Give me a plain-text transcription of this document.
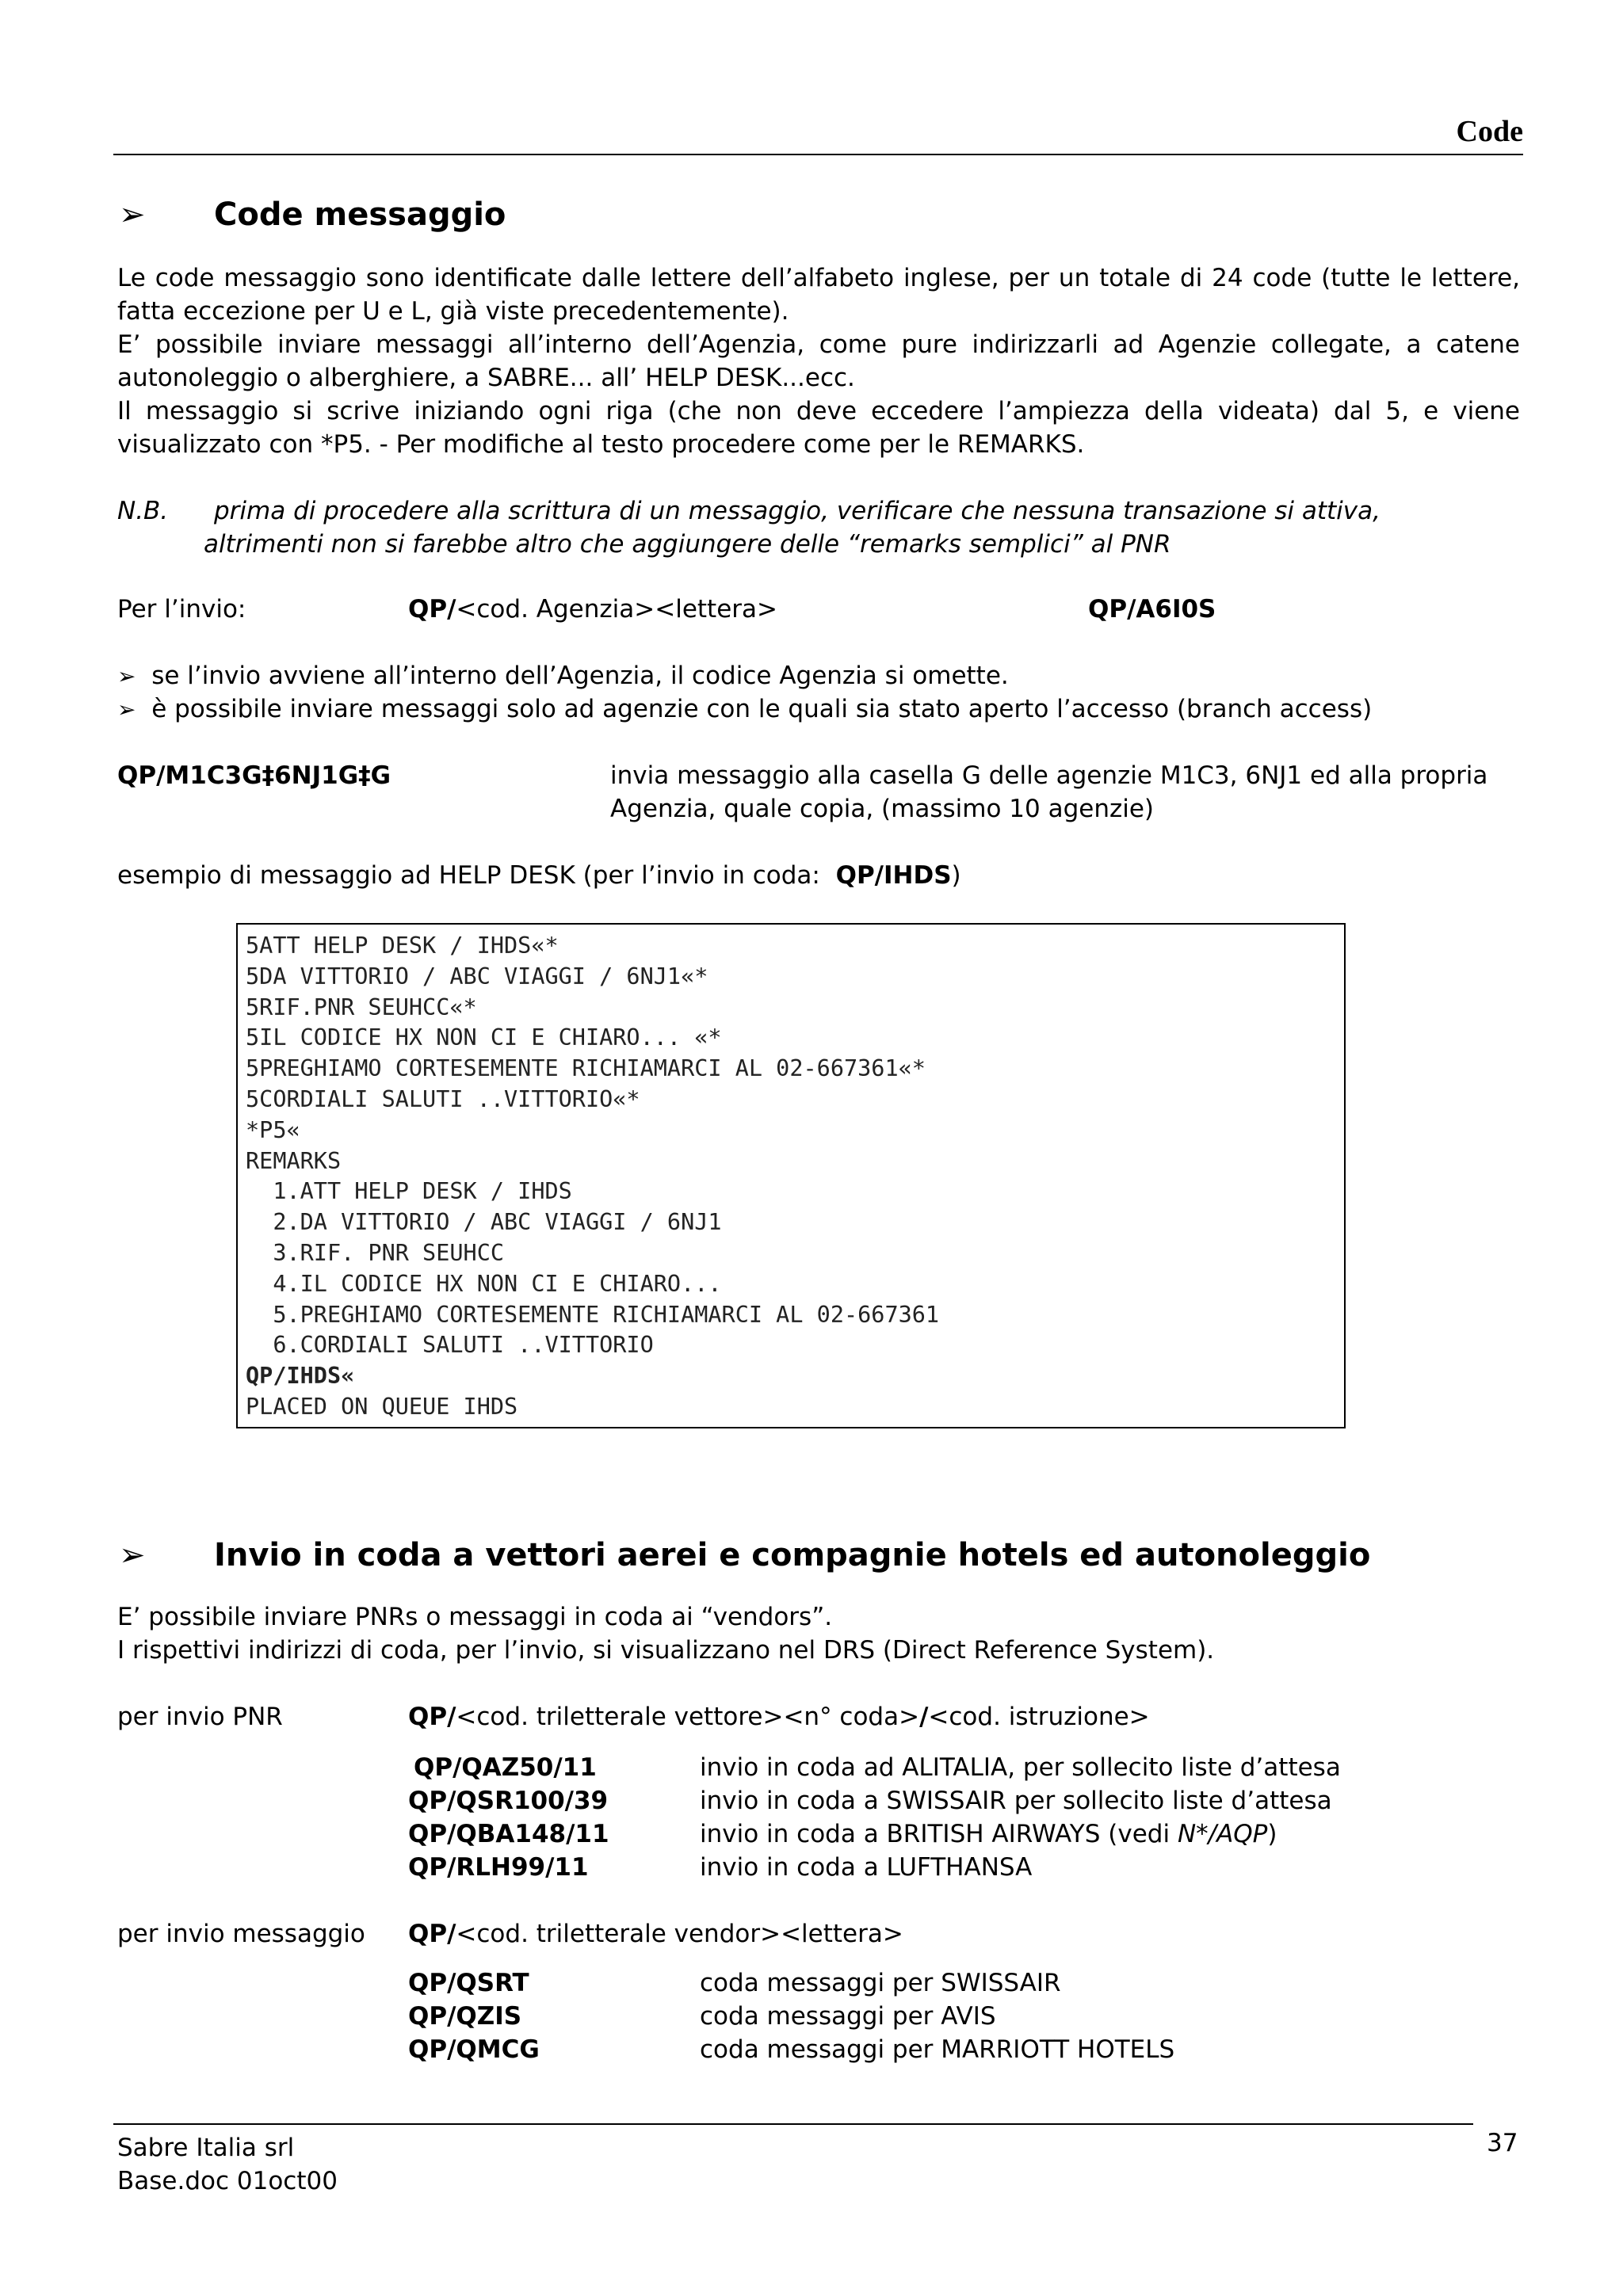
Code
➢ Code messaggio
Le code messaggio sono identificate dalle lettere dell’alfabeto inglese, per un totale di 24 code (tutte le lettere, fatta eccezione per U e L, già viste precedentemente).
E’ possibile inviare messaggi all’interno dell’Agenzia, come pure indirizzarli ad Agenzie collegate, a catene autonoleggio o alberghiere, a SABRE... all’ HELP DESK...ecc.
Il messaggio si scrive iniziando ogni riga (che non deve eccedere l’ampiezza della videata) dal 5, e viene visualizzato con *P5. - Per modifiche al testo procedere come per le REMARKS.
N.B. prima di procedere alla scrittura di un messaggio, verificare che nessuna transazione si attiva,
altrimenti non si farebbe altro che aggiungere delle “remarks semplici” al PNR
Per l’invio:	QP/<cod. Agenzia><lettera>	QP/A6I0S
➢ se l’invio avviene all’interno dell’Agenzia, il codice Agenzia si omette.
➢ è possibile inviare messaggi solo ad agenzie con le quali sia stato aperto l’accesso (branch access)
QP/M1C3G‡6NJ1G‡G	invia messaggio alla casella G delle agenzie M1C3, 6NJ1 ed alla propria
Agenzia, quale copia, (massimo 10 agenzie)
esempio di messaggio ad HELP DESK (per l’invio in coda: QP/IHDS)
5ATT HELP DESK / IHDS«*
5DA VITTORIO / ABC VIAGGI / 6NJ1«*
5RIF.PNR SEUHCC«*
5IL CODICE HX NON CI E CHIARO... «*
5PREGHIAMO CORTESEMENTE RICHIAMARCI AL 02-667361«*
5CORDIALI SALUTI ..VITTORIO«*
*P5«
REMARKS
1.ATT HELP DESK / IHDS
2.DA VITTORIO / ABC VIAGGI / 6NJ1
3.RIF. PNR SEUHCC
4.IL CODICE HX NON CI E CHIARO...
5.PREGHIAMO CORTESEMENTE RICHIAMARCI AL 02-667361
6.CORDIALI SALUTI ..VITTORIO
QP/IHDS«
PLACED ON QUEUE IHDS
➢ Invio in coda a vettori aerei e compagnie hotels ed autonoleggio
E’ possibile inviare PNRs o messaggi in coda ai “vendors”.
I rispettivi indirizzi di coda, per l’invio, si visualizzano nel DRS (Direct Reference System).
per invio PNR	QP/<cod. triletterale vettore><n° coda>/<cod. istruzione>
QP/QAZ50/11	invio in coda ad ALITALIA, per sollecito liste d’attesa
QP/QSR100/39	invio in coda a SWISSAIR per sollecito liste d’attesa
QP/QBA148/11	invio in coda a BRITISH AIRWAYS (vedi N*/AQP)
QP/RLH99/11	invio in coda a LUFTHANSA
per invio messaggio QP/<cod. triletterale vendor><lettera>
QP/QSRT	coda messaggi per SWISSAIR
QP/QZIS	coda messaggi per AVIS
QP/QMCG	coda messaggi per MARRIOTT HOTELS
Sabre Italia srl
Base.doc 01oct00
37
